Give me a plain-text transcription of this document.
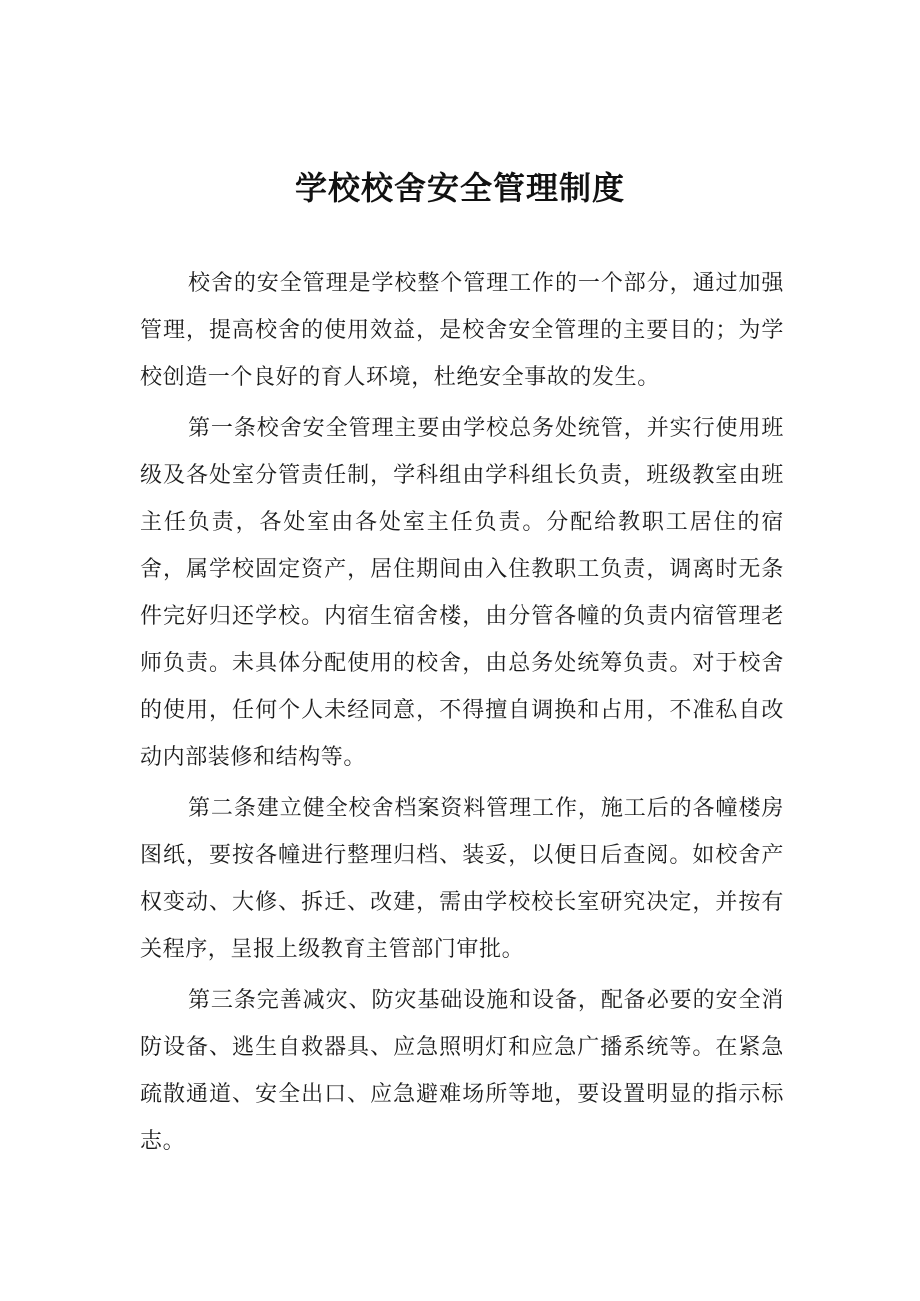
学校校舍安全管理制度

校舍的安全管理是学校整个管理工作的一个部分，通过加强管理，提高校舍的使用效益，是校舍安全管理的主要目的；为学校创造一个良好的育人环境，杜绝安全事故的发生。

第一条校舍安全管理主要由学校总务处统管，并实行使用班级及各处室分管责任制，学科组由学科组长负责，班级教室由班主任负责，各处室由各处室主任负责。分配给教职工居住的宿舍，属学校固定资产，居住期间由入住教职工负责，调离时无条件完好归还学校。内宿生宿舍楼，由分管各幢的负责内宿管理老师负责。未具体分配使用的校舍，由总务处统筹负责。对于校舍的使用，任何个人未经同意，不得擅自调换和占用，不准私自改动内部装修和结构等。

第二条建立健全校舍档案资料管理工作，施工后的各幢楼房图纸，要按各幢进行整理归档、装妥，以便日后查阅。如校舍产权变动、大修、拆迁、改建，需由学校校长室研究决定，并按有关程序，呈报上级教育主管部门审批。

第三条完善减灾、防灾基础设施和设备，配备必要的安全消防设备、逃生自救器具、应急照明灯和应急广播系统等。在紧急疏散通道、安全出口、应急避难场所等地，要设置明显的指示标志。
